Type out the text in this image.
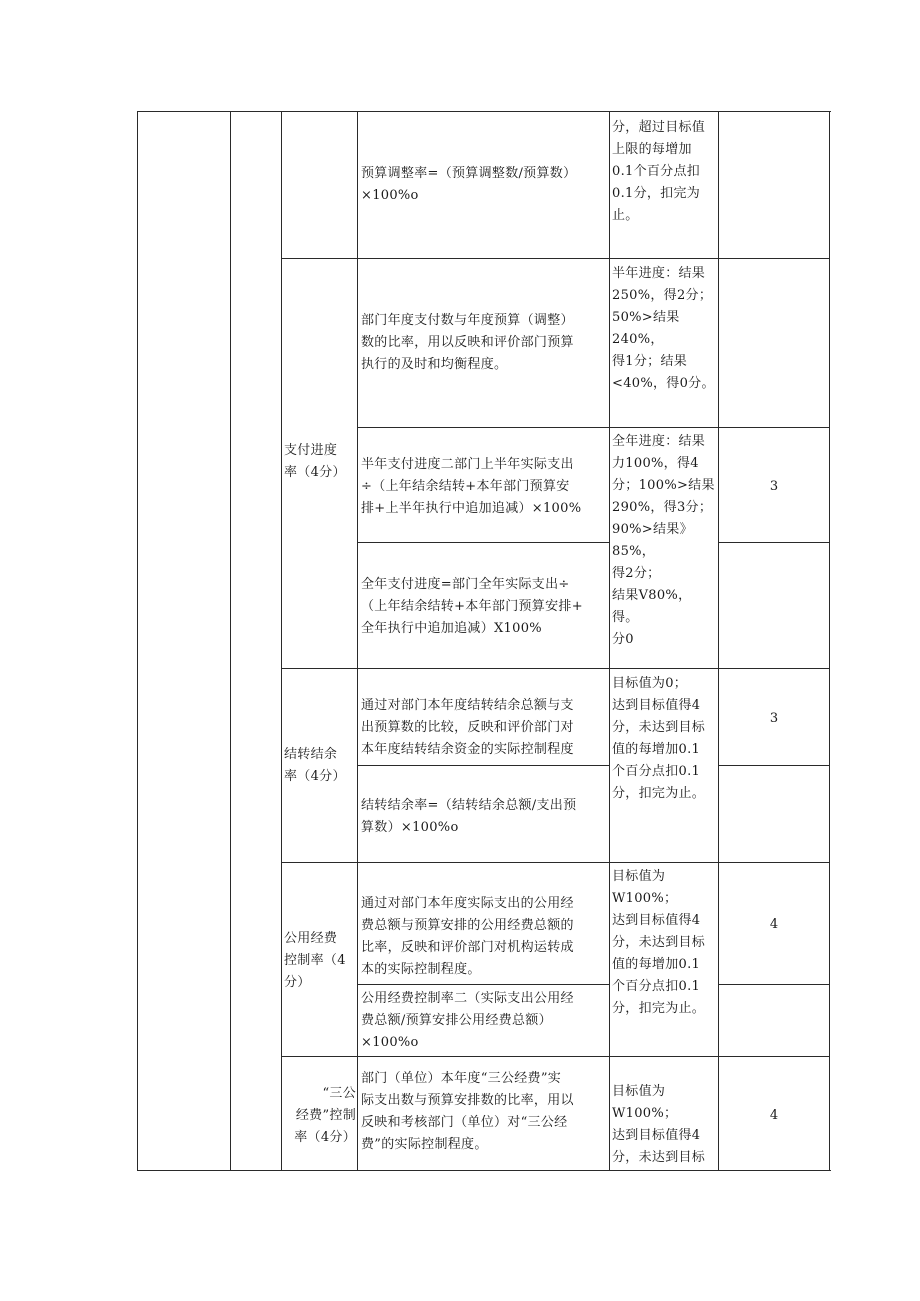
预算调整率=（预算调整数/预算数）×100%o
分，超过目标值
上限的每增加
0.1个百分点扣
0.1分，扣完为
止。
支付进度
率（4分）
部门年度支付数与年度预算（调整）
数的比率，用以反映和评价部门预算
执行的及时和均衡程度。
半年进度：结果
250%，得2分；
50%>结果240%，
得1分；结果
<40%，得0分。
半年支付进度二部门上半年实际支出
÷（上年结余结转+本年部门预算安
排+上半年执行中追加追减）×100%
全年进度：结果
力100%，得4
分；100%>结果
290%，得3分；
90%>结果》85%，
得2分；
结果V80%，得。
分0
3
全年支付进度=部门全年实际支出÷
（上年结余结转+本年部门预算安排+
全年执行中追加追减）X100%
结转结余
率（4分）
通过对部门本年度结转结余总额与支
出预算数的比较，反映和评价部门对
本年度结转结余资金的实际控制程度
目标值为0；
达到目标值得4
分，未达到目标
值的每增加0.1
个百分点扣0.1
分，扣完为止。
3
结转结余率=（结转结余总额/支出预
算数）×100%o
公用经费
控制率（4
分）
通过对部门本年度实际支出的公用经
费总额与预算安排的公用经费总额的
比率，反映和评价部门对机构运转成
本的实际控制程度。
目标值为W100%；
达到目标值得4
分，未达到目标
值的每增加0.1
个百分点扣0.1
分，扣完为止。
4
公用经费控制率二（实际支出公用经
费总额/预算安排公用经费总额）
×100%o
“三公
经费”控制
率（4分）
部门（单位）本年度“三公经费”实
际支出数与预算安排数的比率，用以
反映和考核部门（单位）对“三公经
费”的实际控制程度。
目标值为W100%；
达到目标值得4
分，未达到目标
4
